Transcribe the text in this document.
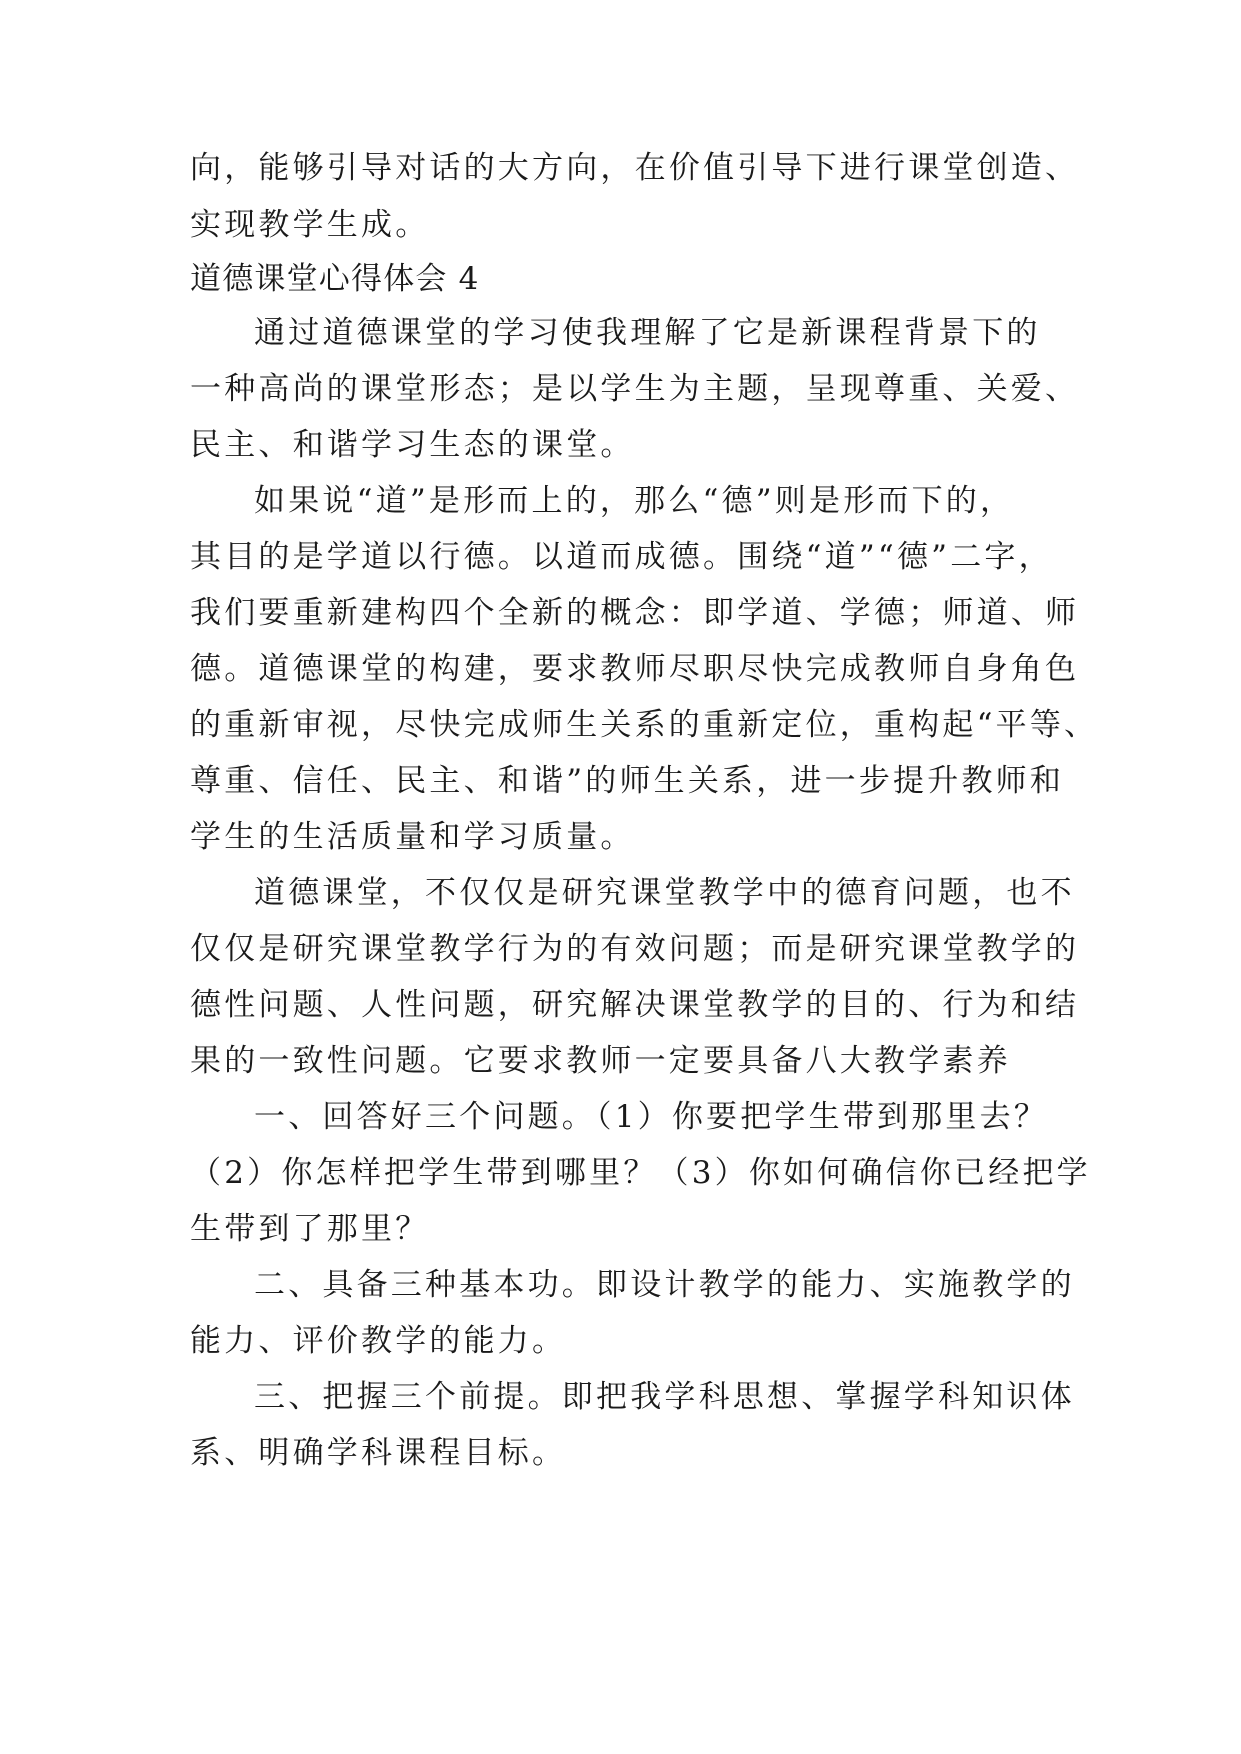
向，能够引导对话的大方向，在价值引导下进行课堂创造、
实现教学生成。
道德课堂心得体会 4
通过道德课堂的学习使我理解了它是新课程背景下的
一种高尚的课堂形态；是以学生为主题，呈现尊重、关爱、
民主、和谐学习生态的课堂。
如果说“道”是形而上的，那么“德”则是形而下的，
其目的是学道以行德。以道而成德。围绕“道”“德”二字，
我们要重新建构四个全新的概念：即学道、学德；师道、师
德。道德课堂的构建，要求教师尽职尽快完成教师自身角色
的重新审视，尽快完成师生关系的重新定位，重构起“平等、
尊重、信任、民主、和谐”的师生关系，进一步提升教师和
学生的生活质量和学习质量。
道德课堂，不仅仅是研究课堂教学中的德育问题，也不
仅仅是研究课堂教学行为的有效问题；而是研究课堂教学的
德性问题、人性问题，研究解决课堂教学的目的、行为和结
果的一致性问题。它要求教师一定要具备八大教学素养
一、回答好三个问题。（1）你要把学生带到那里去？
（2）你怎样把学生带到哪里？（3）你如何确信你已经把学
生带到了那里？
二、具备三种基本功。即设计教学的能力、实施教学的
能力、评价教学的能力。
三、把握三个前提。即把我学科思想、掌握学科知识体
系、明确学科课程目标。
